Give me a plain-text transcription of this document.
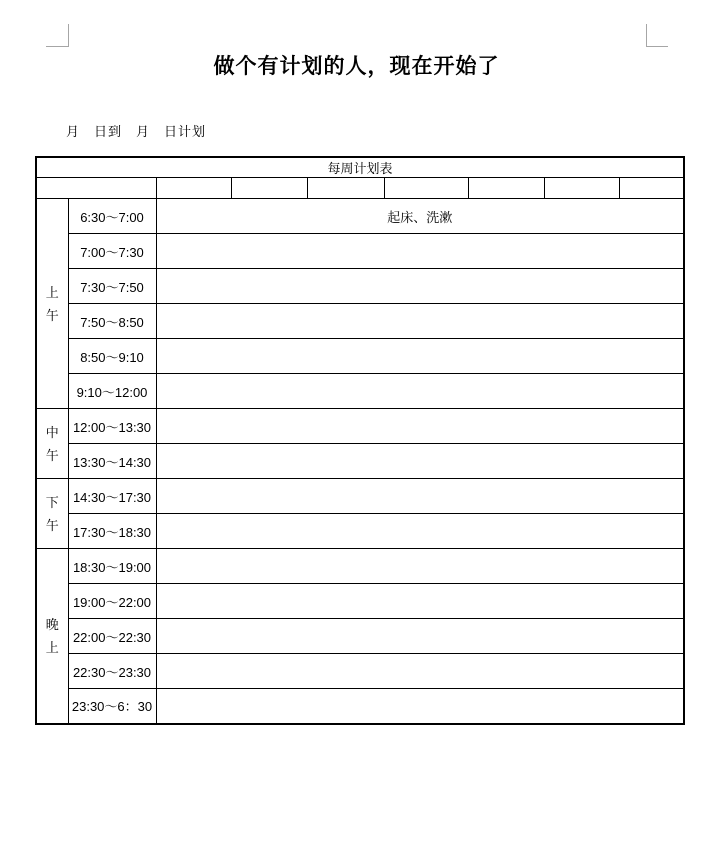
做个有计划的人，现在开始了
月　日到　月　日计划
每周计划表								

上午	6:30～7:00	起床、洗漱						
	7:00～7:30							
	7:30～7:50							
	7:50～8:50							
	8:50～9:10							
	9:10～12:00							

中午	12:00～13:30							
	13:30～14:30							

下午	14:30～17:30							
	17:30～18:30							

晚上	18:30～19:00							
	19:00～22:00							
	22:00～22:30							
	22:30～23:30							
	23:30～6：30							
